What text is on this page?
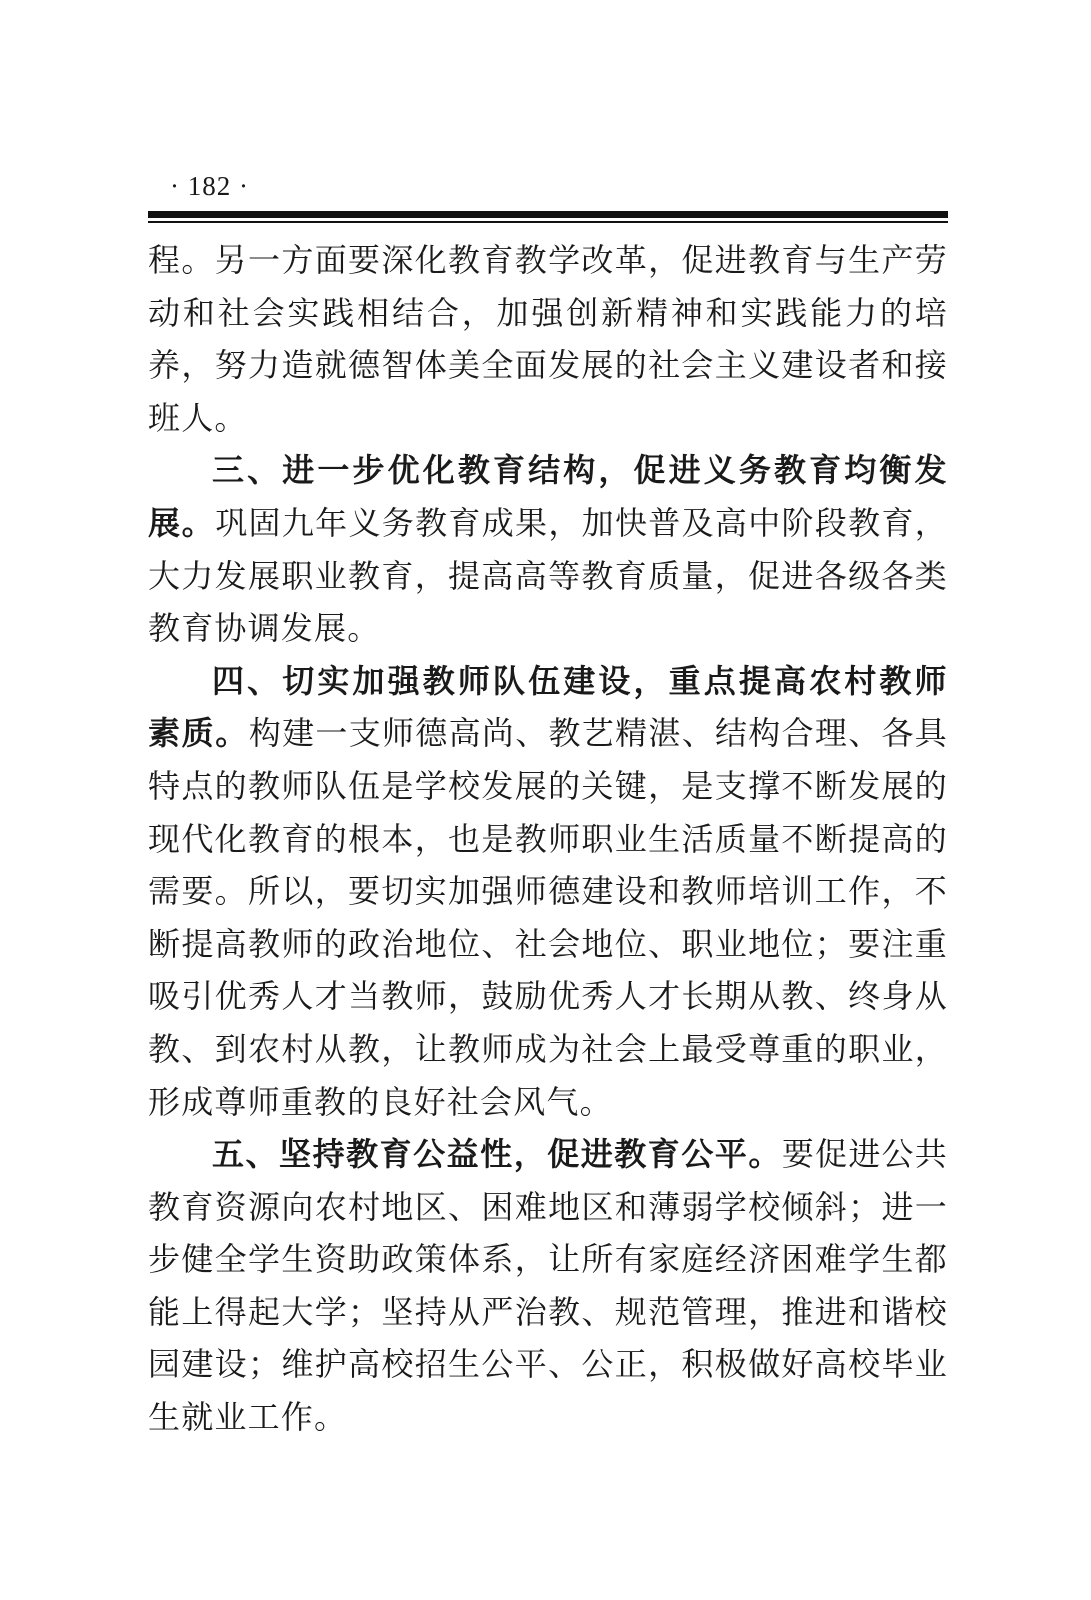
· 182 ·

程。另一方面要深化教育教学改革，促进教育与生产劳动和社会实践相结合，加强创新精神和实践能力的培养，努力造就德智体美全面发展的社会主义建设者和接班人。

三、进一步优化教育结构，促进义务教育均衡发展。巩固九年义务教育成果，加快普及高中阶段教育，大力发展职业教育，提高高等教育质量，促进各级各类教育协调发展。

四、切实加强教师队伍建设，重点提高农村教师素质。构建一支师德高尚、教艺精湛、结构合理、各具特点的教师队伍是学校发展的关键，是支撑不断发展的现代化教育的根本，也是教师职业生活质量不断提高的需要。所以，要切实加强师德建设和教师培训工作，不断提高教师的政治地位、社会地位、职业地位；要注重吸引优秀人才当教师，鼓励优秀人才长期从教、终身从教、到农村从教，让教师成为社会上最受尊重的职业，形成尊师重教的良好社会风气。

五、坚持教育公益性，促进教育公平。要促进公共教育资源向农村地区、困难地区和薄弱学校倾斜；进一步健全学生资助政策体系，让所有家庭经济困难学生都能上得起大学；坚持从严治教、规范管理，推进和谐校园建设；维护高校招生公平、公正，积极做好高校毕业生就业工作。
